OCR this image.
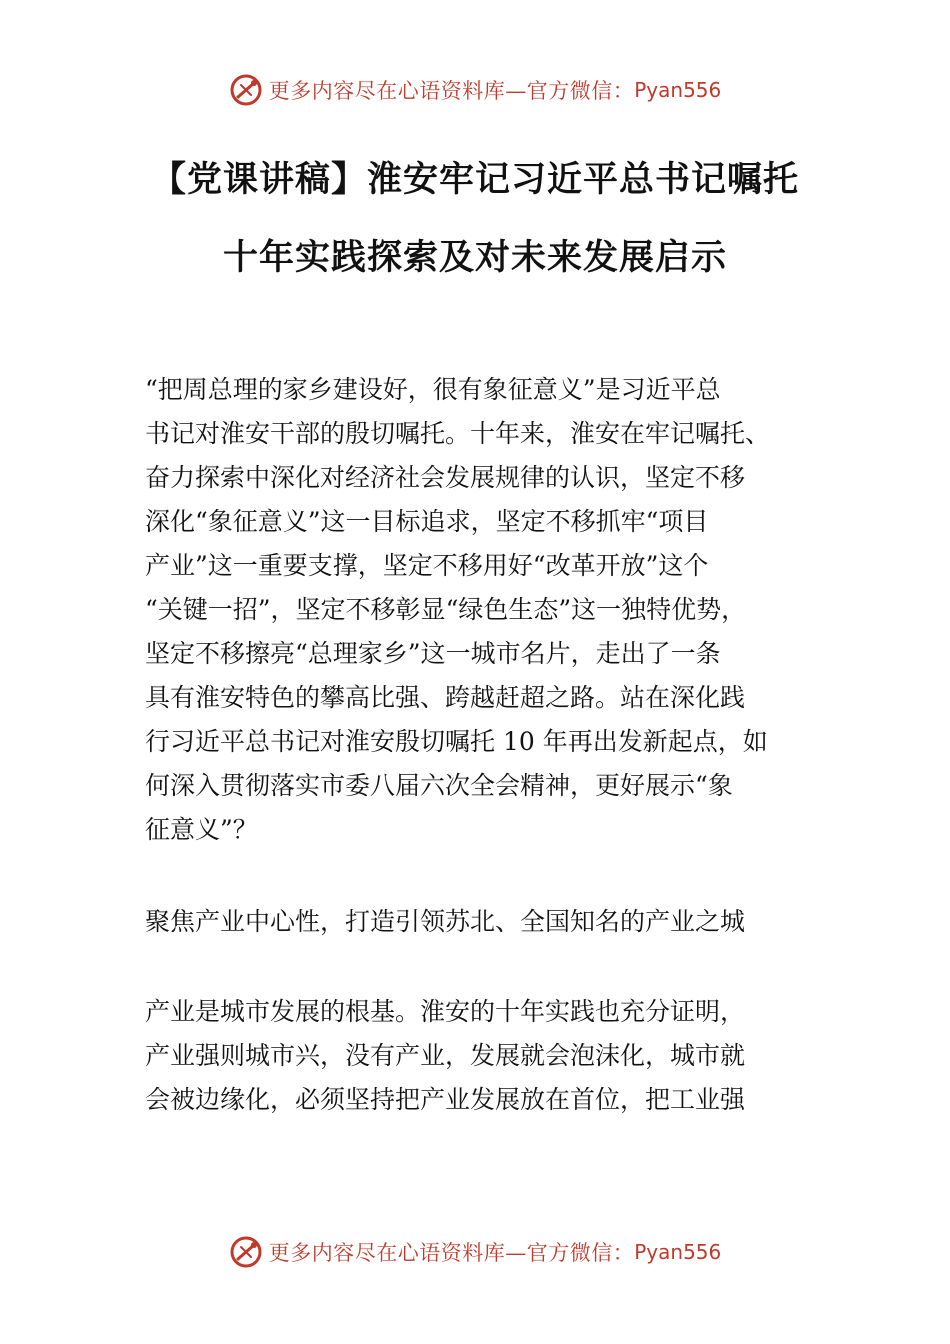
更多内容尽在心语资料库—官方微信： Pyan556
【党课讲稿】淮安牢记习近平总书记嘱托
十年实践探索及对未来发展启示
“把周总理的家乡建设好，很有象征意义”是习近平总
书记对淮安干部的殷切嘱托。十年来，淮安在牢记嘱托、
奋力探索中深化对经济社会发展规律的认识，坚定不移
深化“象征意义”这一目标追求，坚定不移抓牢“项目
产业”这一重要支撑，坚定不移用好“改革开放”这个
“关键一招”，坚定不移彰显“绿色生态”这一独特优势，
坚定不移擦亮“总理家乡”这一城市名片，走出了一条
具有淮安特色的攀高比强、跨越赶超之路。站在深化践
行习近平总书记对淮安殷切嘱托 10 年再出发新起点，如
何深入贯彻落实市委八届六次全会精神，更好展示“象
征意义”？
聚焦产业中心性，打造引领苏北、全国知名的产业之城
产业是城市发展的根基。淮安的十年实践也充分证明，
产业强则城市兴，没有产业，发展就会泡沫化，城市就
会被边缘化，必须坚持把产业发展放在首位，把工业强
更多内容尽在心语资料库—官方微信： Pyan556
